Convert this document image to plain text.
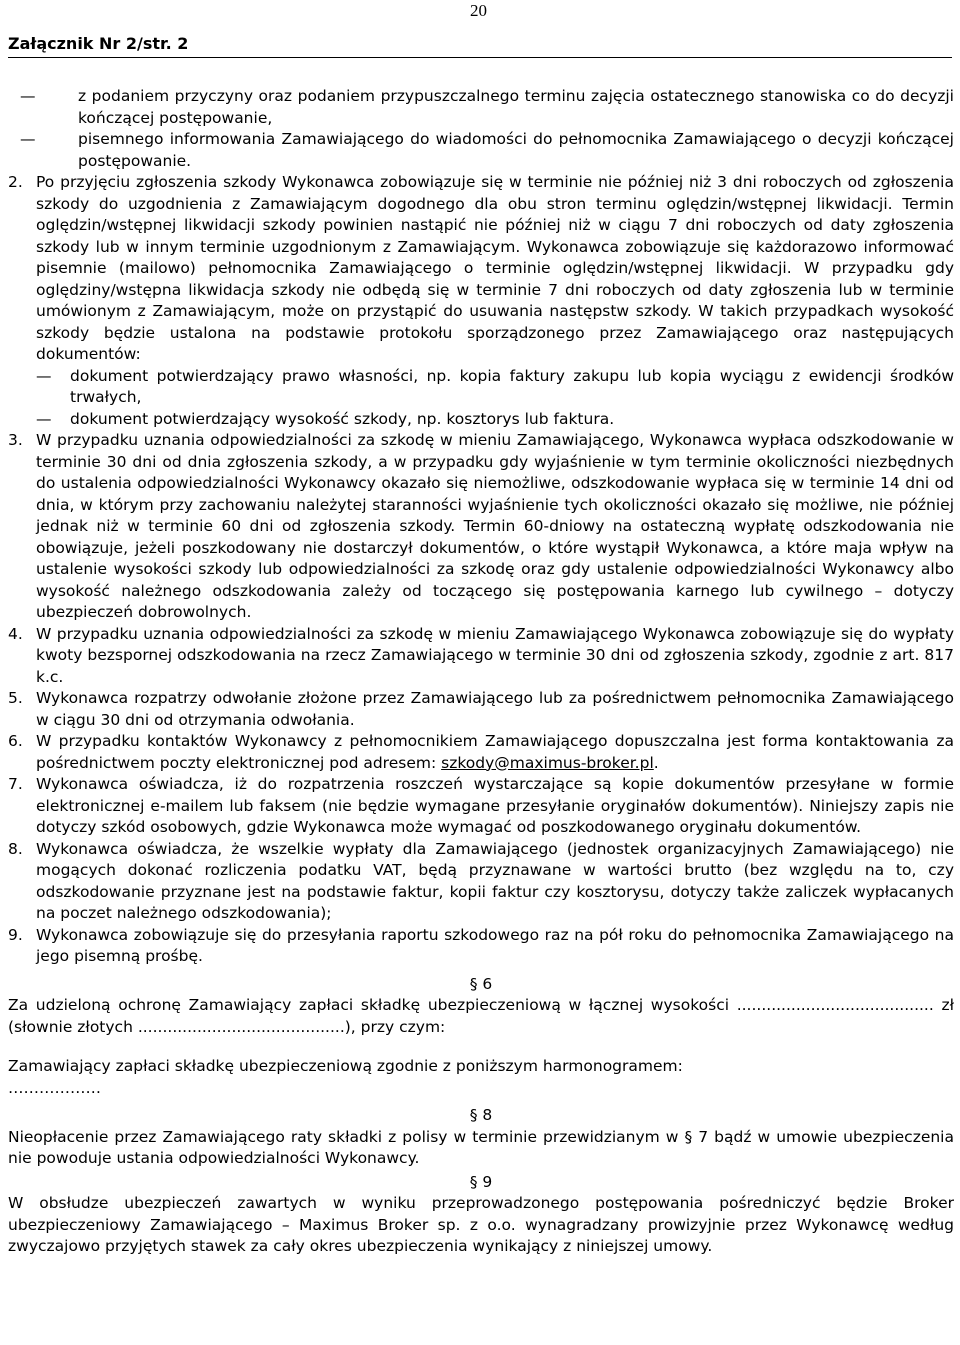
20
Załącznik Nr 2/str. 2
—	z podaniem przyczyny oraz podaniem przypuszczalnego terminu zajęcia ostatecznego stanowiska co do decyzji kończącej postępowanie,
—	pisemnego informowania Zamawiającego do wiadomości do pełnomocnika Zamawiającego o decyzji kończącej postępowanie.
2. Po przyjęciu zgłoszenia szkody Wykonawca zobowiązuje się w terminie nie później niż 3 dni roboczych od zgłoszenia szkody do uzgodnienia z Zamawiającym dogodnego dla obu stron terminu oględzin/wstępnej likwidacji. Termin oględzin/wstępnej likwidacji szkody powinien nastąpić nie później niż w ciągu 7 dni roboczych od daty zgłoszenia szkody lub w innym terminie uzgodnionym z Zamawiającym. Wykonawca zobowiązuje się każdorazowo informować pisemnie (mailowo) pełnomocnika Zamawiającego o terminie oględzin/wstępnej likwidacji. W przypadku gdy oględziny/wstępna likwidacja szkody nie odbędą się w terminie 7 dni roboczych od daty zgłoszenia lub w terminie umówionym z Zamawiającym, może on przystąpić do usuwania następstw szkody. W takich przypadkach wysokość szkody będzie ustalona na podstawie protokołu sporządzonego przez Zamawiającego oraz następujących dokumentów:
—	dokument potwierdzający prawo własności, np. kopia faktury zakupu lub kopia wyciągu z ewidencji środków trwałych,
—	dokument potwierdzający wysokość szkody, np. kosztorys lub faktura.
3. W przypadku uznania odpowiedzialności za szkodę w mieniu Zamawiającego, Wykonawca wypłaca odszkodowanie w terminie 30 dni od dnia zgłoszenia szkody, a w przypadku gdy wyjaśnienie w tym terminie okoliczności niezbędnych do ustalenia odpowiedzialności Wykonawcy okazało się niemożliwe, odszkodowanie wypłaca się w terminie 14 dni od dnia, w którym przy zachowaniu należytej staranności wyjaśnienie tych okoliczności okazało się możliwe, nie później jednak niż w terminie 60 dni od zgłoszenia szkody. Termin 60-dniowy na ostateczną wypłatę odszkodowania nie obowiązuje, jeżeli poszkodowany nie dostarczył dokumentów, o które wystąpił Wykonawca, a które maja wpływ na ustalenie wysokości szkody lub odpowiedzialności za szkodę oraz gdy ustalenie odpowiedzialności Wykonawcy albo wysokość należnego odszkodowania zależy od toczącego się postępowania karnego lub cywilnego – dotyczy ubezpieczeń dobrowolnych.
4. W przypadku uznania odpowiedzialności za szkodę w mieniu Zamawiającego Wykonawca zobowiązuje się do wypłaty kwoty bezspornej odszkodowania na rzecz Zamawiającego w terminie 30 dni od zgłoszenia szkody, zgodnie z art. 817 k.c.
5. Wykonawca rozpatrzy odwołanie złożone przez Zamawiającego lub za pośrednictwem pełnomocnika Zamawiającego w ciągu 30 dni od otrzymania odwołania.
6. W przypadku kontaktów Wykonawcy z pełnomocnikiem Zamawiającego dopuszczalna jest forma kontaktowania za pośrednictwem poczty elektronicznej pod adresem: szkody@maximus-broker.pl.
7. Wykonawca oświadcza, iż do rozpatrzenia roszczeń wystarczające są kopie dokumentów przesyłane w formie elektronicznej e-mailem lub faksem (nie będzie wymagane przesyłanie oryginałów dokumentów). Niniejszy zapis nie dotyczy szkód osobowych, gdzie Wykonawca może wymagać od poszkodowanego oryginału dokumentów.
8. Wykonawca oświadcza, że wszelkie wypłaty dla Zamawiającego (jednostek organizacyjnych Zamawiającego) nie mogących dokonać rozliczenia podatku VAT, będą przyznawane w wartości brutto (bez względu na to, czy odszkodowanie przyznane jest na podstawie faktur, kopii faktur czy kosztorysu, dotyczy także zaliczek wypłacanych na poczet należnego odszkodowania);
9. Wykonawca zobowiązuje się do przesyłania raportu szkodowego raz na pół roku do pełnomocnika Zamawiającego na jego pisemną prośbę.
§ 6

Za udzieloną ochronę Zamawiający zapłaci składkę ubezpieczeniową w łącznej wysokości ........................................ zł (słownie złotych ..........................................), przy czym:

Zamawiający zapłaci składkę ubezpieczeniową zgodnie z poniższym harmonogramem:

………………

§ 8

Nieopłacenie przez Zamawiającego raty składki z polisy w terminie przewidzianym w § 7 bądź w umowie ubezpieczenia nie powoduje ustania odpowiedzialności Wykonawcy.

§ 9

W obsłudze ubezpieczeń zawartych w wyniku przeprowadzonego postępowania pośredniczyć będzie Broker ubezpieczeniowy Zamawiającego – Maximus Broker sp. z o.o. wynagradzany prowizyjnie przez Wykonawcę według zwyczajowo przyjętych stawek za cały okres ubezpieczenia wynikający z niniejszej umowy.
